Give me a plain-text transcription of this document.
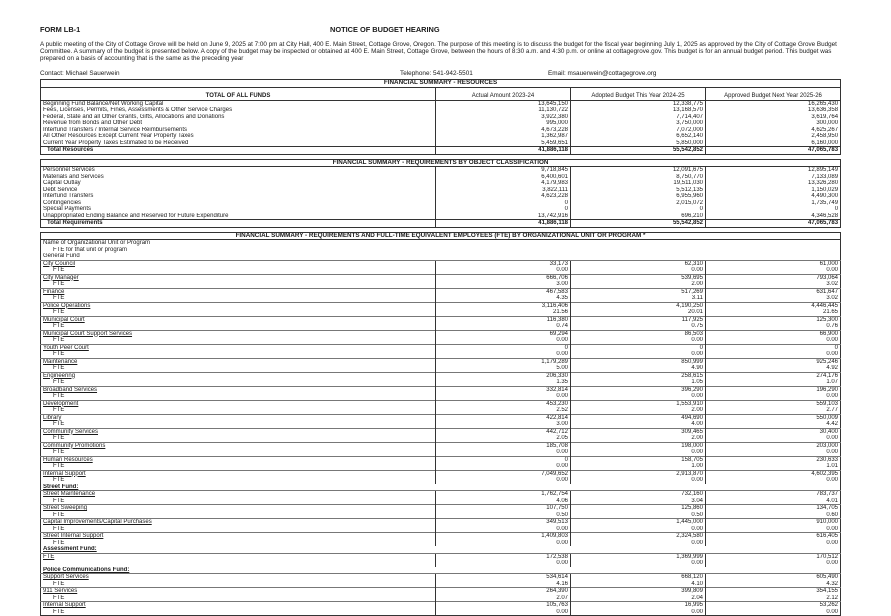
FORM LB-1	NOTICE OF BUDGET HEARING
A public meeting of the City of Cottage Grove will be held on June 9, 2025 at 7:00 pm at City Hall, 400 E. Main Street, Cottage Grove, Oregon. The purpose of this meeting is to discuss the budget for the fiscal year beginning July 1, 2025 as approved by the City of Cottage Grove Budget Committee. A summary of the budget is presented below. A copy of the budget may be inspected or obtained at 400 E. Main Street, Cottage Grove, between the hours of 8:30 a.m. and 4:30 p.m. or online at cottagegrove.gov. This budget is for an annual budget period. This budget was prepared on a basis of accounting that is the same as the preceding year
Contact: Michael Sauerwein	Telephone: 541-942-5501	Email: msauerwein@cottagegrove.org
FINANCIAL SUMMARY - RESOURCES			
TOTAL OF ALL FUNDS	Actual Amount 2023-24	Adopted Budget This Year 2024-25	Approved Budget Next Year 2025-26
Beginning Fund Balance/Net Working Capital	13,645,150	12,338,775	16,265,430
Fees, Licenses, Permits, Fines, Assessments & Other Service Charges	11,130,722	13,168,570	13,636,358
Federal, State and all Other Grants, Gifts, Allocations and Donations	3,922,380	7,714,407	3,619,764
Revenue from Bonds and Other Debt	995,000	3,750,000	300,000
Interfund Transfers / Internal Service Reimbursements	4,673,228	7,072,000	4,625,267
All Other Resources Except Current Year Property Taxes	1,362,987	6,652,140	2,458,950
Current Year Property Taxes Estimated to be Received	5,459,651	5,850,000	6,160,000
Total Resources	41,886,118	55,542,852	47,065,783
FINANCIAL SUMMARY - REQUIREMENTS BY OBJECT CLASSIFICATION			
Personnel Services	9,718,845	12,091,675	12,895,149
Materials and Services	6,400,601	8,750,770	7,133,089
Capital Outlay	4,179,983	19,511,030	13,326,280
Debt Service	3,822,111	5,512,135	1,150,029
Interfund Transfers	4,623,228	6,955,960	4,490,300
Contingencies	0	2,015,072	1,735,749
Special Payments	0	0	0
Unappropriated Ending Balance and Reserved for Future Expenditure	13,742,916	696,210	4,346,528
Total Requirements	41,886,118	55,542,852	47,065,783
FINANCIAL SUMMARY - REQUIREMENTS AND FULL-TIME EQUIVALENT EMPLOYEES (FTE) BY ORGANIZATIONAL UNIT OR PROGRAM *			
Name of Organizational Unit or Program			
FTE for that unit or program			
General Fund			
City Council	33,173	62,310	61,000
FTE	0.00	0.00	0.00
City Manager	666,706	539,695	793,064
FTE	3.00	2.00	3.02
Finance	467,583	517,269	631,647
FTE	4.35	3.11	3.02
Police Operations	3,116,406	4,190,250	4,446,445
FTE	21.56	20.01	21.65
Municipal Court	116,380	117,925	125,300
FTE	0.74	0.75	0.76
Municipal Court Support Services	69,294	86,503	66,900
FTE	0.00	0.00	0.00
Youth Peer Court	0	0	0
FTE	0.00	0.00	0.00
Maintenance	1,179,289	850,999	925,246
FTE	5.00	4.90	4.92
Engineering	206,330	258,615	274,176
FTE	1.35	1.05	1.07
Broadband Services	332,814	396,290	196,290
FTE	0.00	0.00	0.00
Development	453,230	1,553,910	559,103
FTE	2.52	2.00	2.77
Library	422,814	494,690	550,009
FTE	3.00	4.00	4.42
Community Services	442,712	309,465	30,400
FTE	2.05	2.00	0.00
Community Promotions	185,708	198,000	203,000
FTE	0.00	0.00	0.00
Human Resources	0	158,705	230,633
FTE	0.00	1.00	1.01
Internal Support	7,049,652	2,913,870	4,602,395
FTE	0.00	0.00	0.00
Street Fund:			
Street Maintenance	1,762,754	732,160	783,737
FTE	4.06	3.04	4.01
Street Sweeping	107,750	125,860	134,705
FTE	0.50	0.50	0.60
Capital Improvements/Capital Purchases	349,513	1,445,000	910,000
FTE	0.00	0.00	0.00
Street Internal Support	1,409,803	2,324,580	616,405
FTE	0.00	0.00	0.00
Assessment Fund:			
FTE	172,538	1,369,999	170,512
	0.00	0.00	0.00
Police Communications Fund:			
Support Services	534,614	668,120	605,490
FTE	4.16	4.10	4.32
911 Services	264,390	399,809	354,155
FTE	2.07	2.04	2.12
Internal Support	105,763	16,995	53,262
FTE	0.00	0.00	0.00
